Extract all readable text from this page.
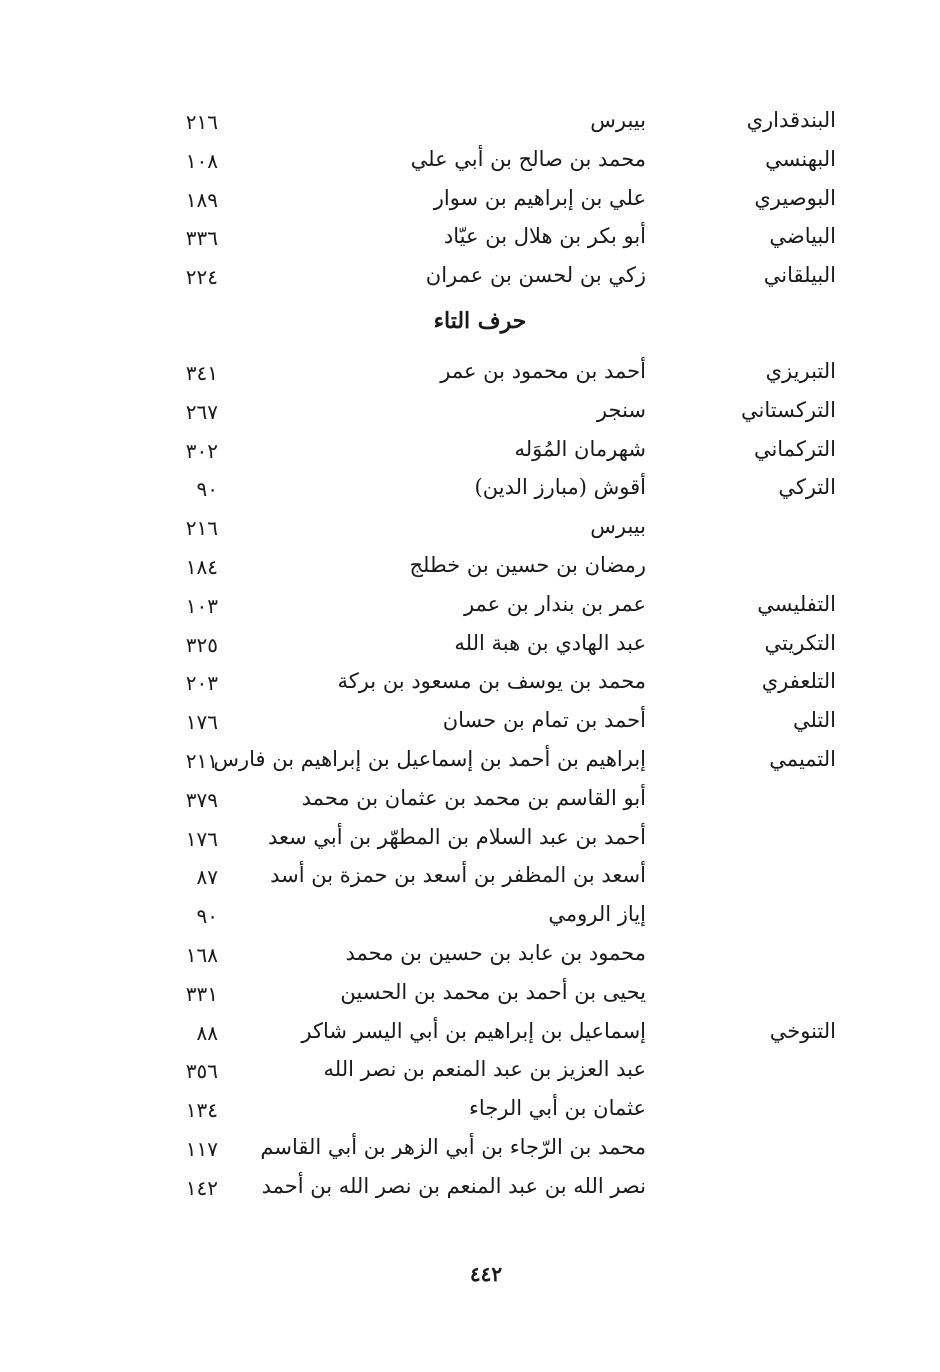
البندقداري
بيبرس
٢١٦
البهنسي
محمد بن صالح بن أبي علي
١٠٨
البوصيري
علي بن إبراهيم بن سوار
١٨٩
البياضي
أبو بكر بن هلال بن عيّاد
٣٣٦
البيلقاني
زكي بن لحسن بن عمران
٢٢٤
حرف التاء
التبريزي
أحمد بن محمود بن عمر
٣٤١
التركستاني
سنجر
٢٦٧
التركماني
شهرمان المُوَله
٣٠٢
التركي
أقوش (مبارز الدين)
٩٠
بيبرس
٢١٦
رمضان بن حسين بن خطلج
١٨٤
التفليسي
عمر بن بندار بن عمر
١٠٣
التكريتي
عبد الهادي بن هبة الله
٣٢٥
التلعفري
محمد بن يوسف بن مسعود بن بركة
٢٠٣
التلي
أحمد بن تمام بن حسان
١٧٦
التميمي
إبراهيم بن أحمد بن إسماعيل بن إبراهيم بن فارس
٢١١
أبو القاسم بن محمد بن عثمان بن محمد
٣٧٩
أحمد بن عبد السلام بن المطهّر بن أبي سعد
١٧٦
أسعد بن المظفر بن أسعد بن حمزة بن أسد
٨٧
إياز الرومي
٩٠
محمود بن عابد بن حسين بن محمد
١٦٨
يحيى بن أحمد بن محمد بن الحسين
٣٣١
التنوخي
إسماعيل بن إبراهيم بن أبي اليسر شاكر
٨٨
عبد العزيز بن عبد المنعم بن نصر الله
٣٥٦
عثمان بن أبي الرجاء
١٣٤
محمد بن الرّجاء بن أبي الزهر بن أبي القاسم
١١٧
نصر الله بن عبد المنعم بن نصر الله بن أحمد
١٤٢
٤٤٢
